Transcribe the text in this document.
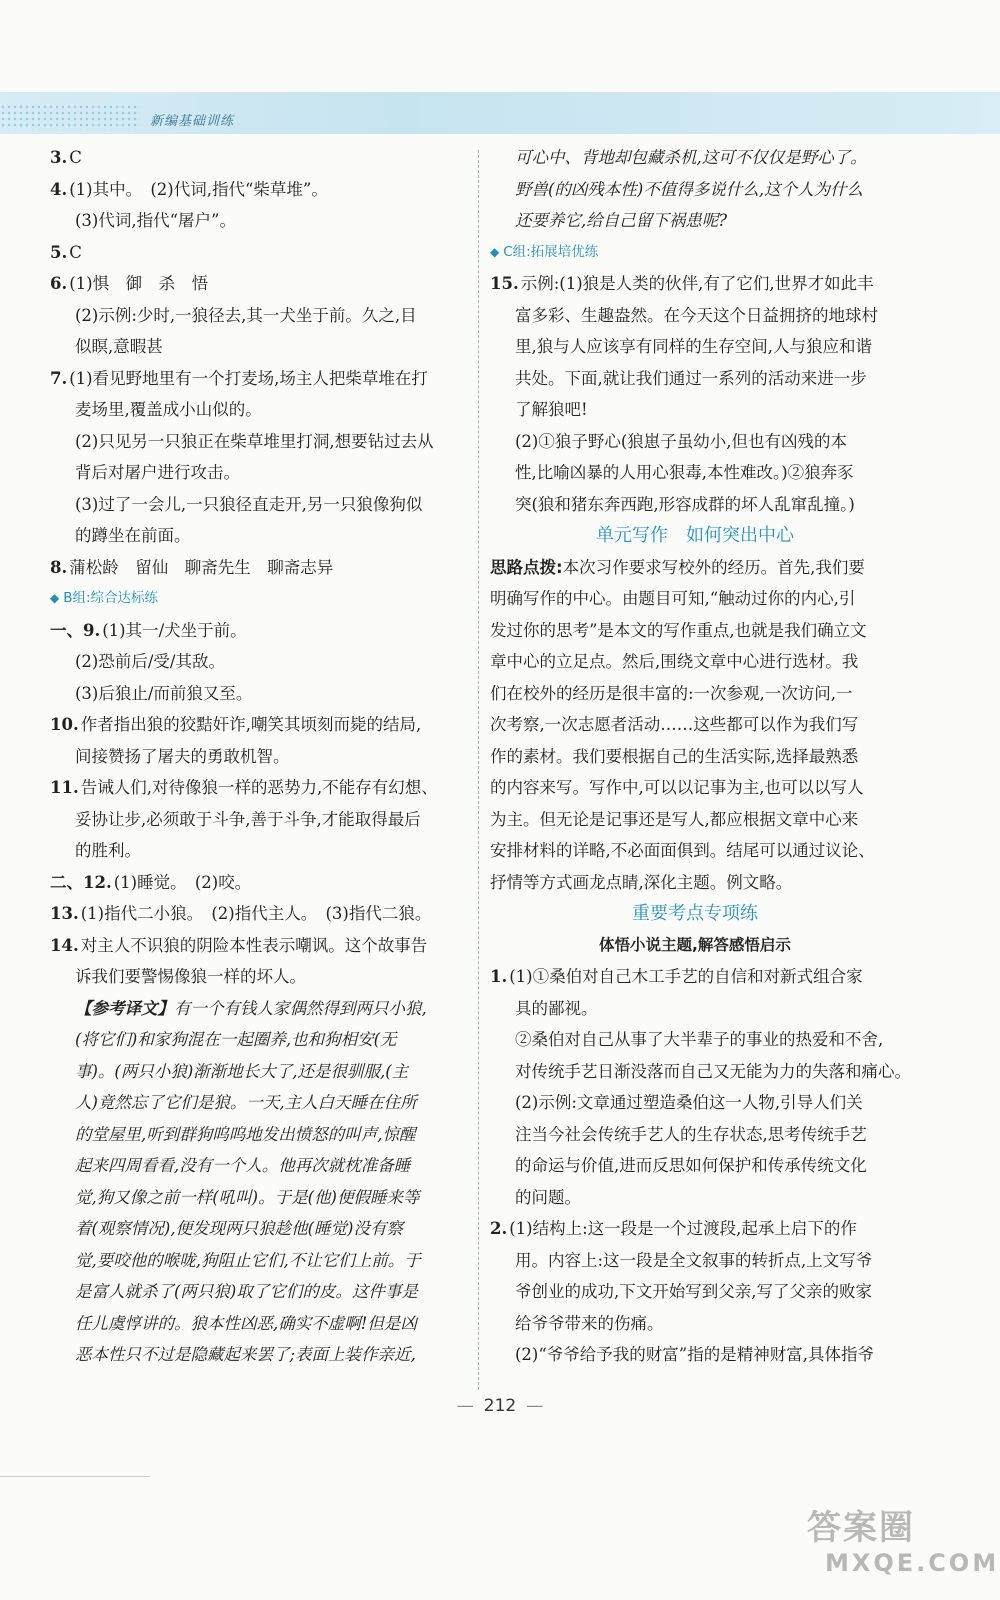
新编基础训练
3. C
4. (1)其中。　(2)代词,指代“柴草堆”。
(3)代词,指代“屠户”。
5. C
6. (1)惧　御　杀　悟
(2)示例:少时,一狼径去,其一犬坐于前。久之,目
似瞑,意暇甚
7. (1)看见野地里有一个打麦场,场主人把柴草堆在打
麦场里,覆盖成小山似的。
(2)只见另一只狼正在柴草堆里打洞,想要钻过去从
背后对屠户进行攻击。
(3)过了一会儿,一只狼径直走开,另一只狼像狗似
的蹲坐在前面。
8. 蒲松龄　留仙　聊斋先生　聊斋志异
◆ B组:综合达标练
一、9. (1)其一/犬坐于前。
(2)恐前后/受/其敌。
(3)后狼止/而前狼又至。
10. 作者指出狼的狡黠奸诈,嘲笑其顷刻而毙的结局,
间接赞扬了屠夫的勇敢机智。
11. 告诫人们,对待像狼一样的恶势力,不能存有幻想、
妥协让步,必须敢于斗争,善于斗争,才能取得最后
的胜利。
二、12. (1)睡觉。　(2)咬。
13. (1)指代二小狼。　(2)指代主人。　(3)指代二狼。
14. 对主人不识狼的阴险本性表示嘲讽。这个故事告
诉我们要警惕像狼一样的坏人。
【参考译文】有一个有钱人家偶然得到两只小狼,
(将它们)和家狗混在一起圈养,也和狗相安(无
事)。(两只小狼)渐渐地长大了,还是很驯服,(主
人)竟然忘了它们是狼。一天,主人白天睡在住所
的堂屋里,听到群狗呜呜地发出愤怒的叫声,惊醒
起来四周看看,没有一个人。他再次就枕准备睡
觉,狗又像之前一样(吼叫)。于是(他)便假睡来等
着(观察情况),便发现两只狼趁他(睡觉)没有察
觉,要咬他的喉咙,狗阻止它们,不让它们上前。于
是富人就杀了(两只狼)取了它们的皮。这件事是
任儿虞惇讲的。狼本性凶恶,确实不虚啊!但是凶
恶本性只不过是隐藏起来罢了;表面上装作亲近,
可心中、背地却包藏杀机,这可不仅仅是野心了。
野兽(的凶残本性)不值得多说什么,这个人为什么
还要养它,给自己留下祸患呢?
◆ C组:拓展培优练
15. 示例:(1)狼是人类的伙伴,有了它们,世界才如此丰
富多彩、生趣盎然。在今天这个日益拥挤的地球村
里,狼与人应该享有同样的生存空间,人与狼应和谐
共处。下面,就让我们通过一系列的活动来进一步
了解狼吧!
(2)①狼子野心(狼崽子虽幼小,但也有凶残的本
性,比喻凶暴的人用心狠毒,本性难改。)②狼奔豕
突(狼和猪东奔西跑,形容成群的坏人乱窜乱撞。)
单元写作　如何突出中心
思路点拨:本次习作要求写校外的经历。首先,我们要
明确写作的中心。由题目可知,“触动过你的内心,引
发过你的思考”是本文的写作重点,也就是我们确立文
章中心的立足点。然后,围绕文章中心进行选材。我
们在校外的经历是很丰富的:一次参观,一次访问,一
次考察,一次志愿者活动……这些都可以作为我们写
作的素材。我们要根据自己的生活实际,选择最熟悉
的内容来写。写作中,可以以记事为主,也可以以写人
为主。但无论是记事还是写人,都应根据文章中心来
安排材料的详略,不必面面俱到。结尾可以通过议论、
抒情等方式画龙点睛,深化主题。例文略。
重要考点专项练
体悟小说主题,解答感悟启示
1. (1)①桑伯对自己木工手艺的自信和对新式组合家
具的鄙视。
②桑伯对自己从事了大半辈子的事业的热爱和不舍,
对传统手艺日渐没落而自己又无能为力的失落和痛心。
(2)示例:文章通过塑造桑伯这一人物,引导人们关
注当今社会传统手艺人的生存状态,思考传统手艺
的命运与价值,进而反思如何保护和传承传统文化
的问题。
2. (1)结构上:这一段是一个过渡段,起承上启下的作
用。内容上:这一段是全文叙事的转折点,上文写爷
爷创业的成功,下文开始写到父亲,写了父亲的败家
给爷爷带来的伤痛。
(2)“爷爷给予我的财富”指的是精神财富,具体指爷
— 212 —
答案圈
MXQE.COM
